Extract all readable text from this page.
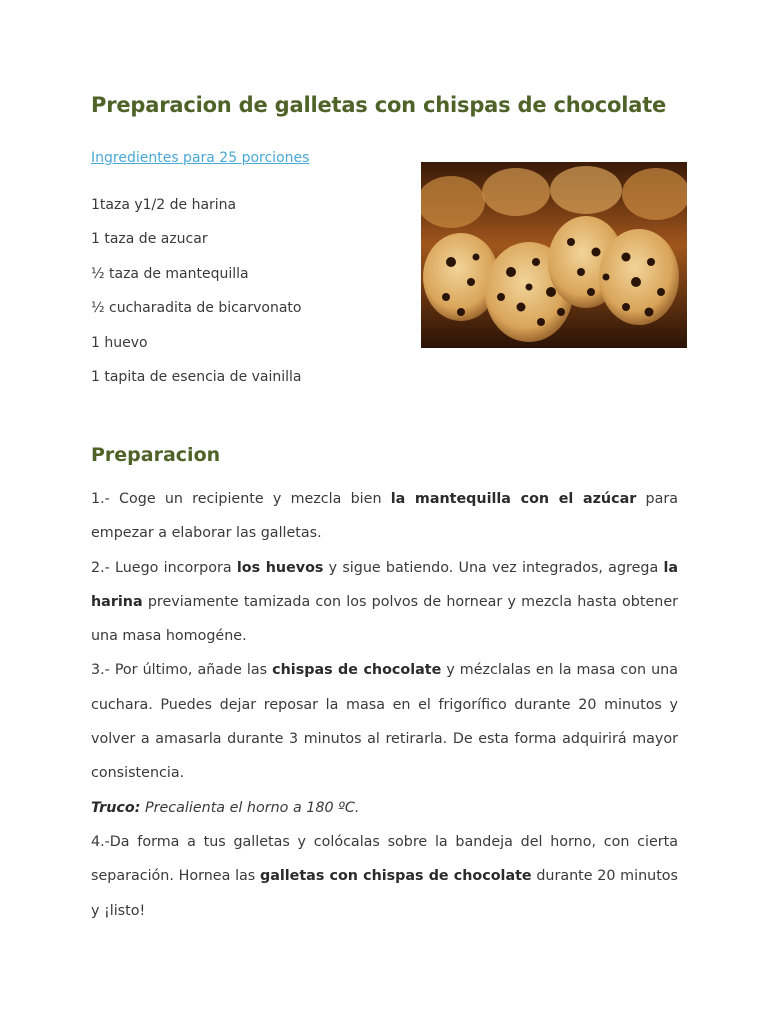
Preparacion de galletas con chispas de chocolate
Ingredientes para 25 porciones
1taza y1/2 de harina
1 taza de azucar
½ taza de mantequilla
½ cucharadita de bicarvonato
1 huevo
1 tapita de esencia de vainilla
Preparacion

1.- Coge un recipiente y mezcla bien la mantequilla con el azúcar para empezar a elaborar las galletas.

2.- Luego incorpora los huevos y sigue batiendo. Una vez integrados, agrega la harina previamente tamizada con los polvos de hornear y mezcla hasta obtener una masa homogéne.

3.- Por último, añade las chispas de chocolate y mézclalas en la masa con una cuchara. Puedes dejar reposar la masa en el frigorífico durante 20 minutos y volver a amasarla durante 3 minutos al retirarla. De esta forma adquirirá mayor consistencia.

Truco: Precalienta el horno a 180 ºC.

4.-Da forma a tus galletas y colócalas sobre la bandeja del horno, con cierta separación. Hornea las galletas con chispas de chocolate durante 20 minutos y ¡listo!
